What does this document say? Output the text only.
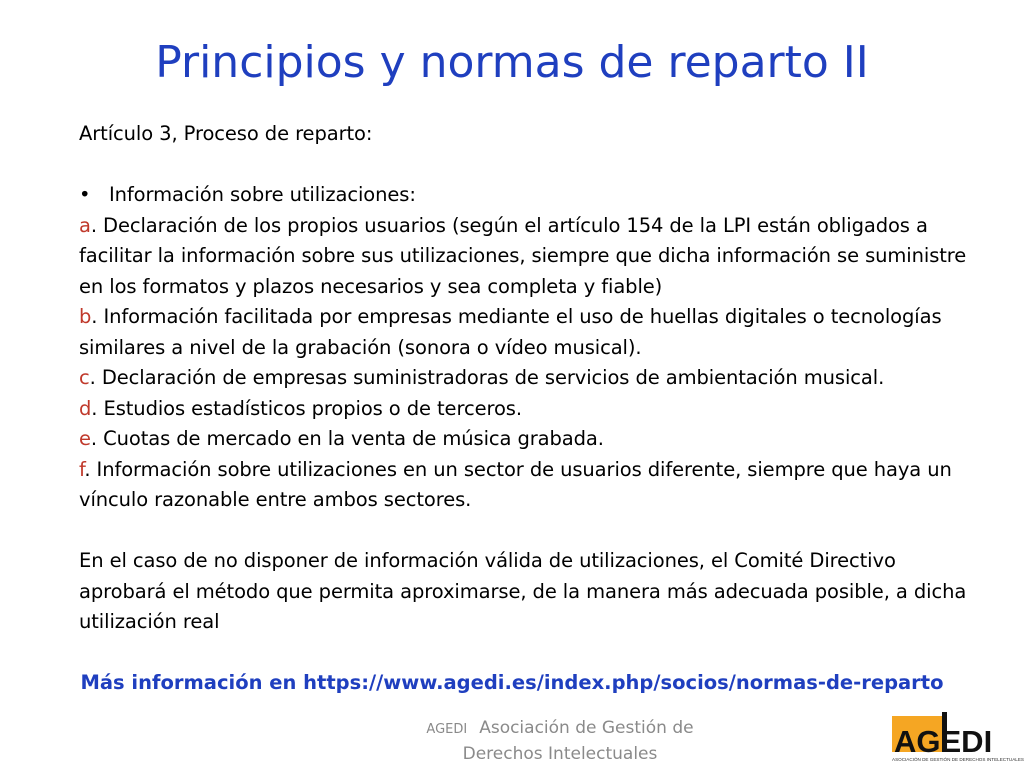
Principios y normas de reparto II

Artículo 3, Proceso de reparto:

• Información sobre utilizaciones:

a. Declaración de los propios usuarios (según el artículo 154 de la LPI están obligados a facilitar la información sobre sus utilizaciones, siempre que dicha información se suministre en los formatos y plazos necesarios y sea completa y fiable)

b. Información facilitada por empresas mediante el uso de huellas digitales o tecnologías similares a nivel de la grabación (sonora o vídeo musical).

c. Declaración de empresas suministradoras de servicios de ambientación musical.

d. Estudios estadísticos propios o de terceros.

e. Cuotas de mercado en la venta de música grabada.

f. Información sobre utilizaciones en un sector de usuarios diferente, siempre que haya un vínculo razonable entre ambos sectores.

En el caso de no disponer de información válida de utilizaciones, el Comité Directivo aprobará el método que permita aproximarse, de la manera más adecuada posible, a dicha utilización real

Más información en https://www.agedi.es/index.php/socios/normas-de-reparto
AGEDI Asociación de Gestión de
Derechos Intelectuales	AGEDI
ASOCIACIÓN DE GESTIÓN DE DERECHOS INTELECTUALES
